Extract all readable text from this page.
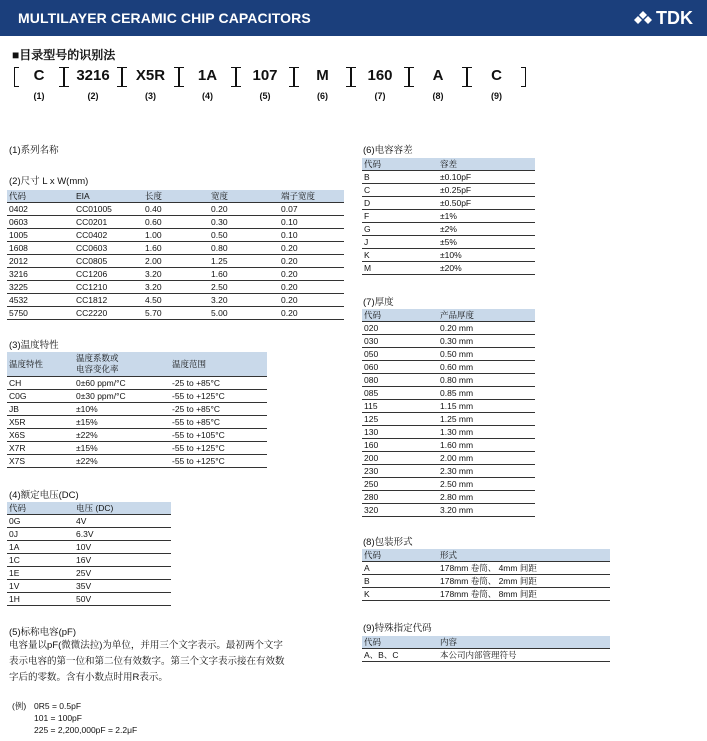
MULTILAYER CERAMIC CHIP CAPACITORS	TDK
■目录型号的识别法
C	3216	X5R	1A	107	M	160	A	C
(1)	(2)	(3)	(4)	(5)	(6)	(7)	(8)	(9)
(1)系列名称
(2)尺寸 L x W(mm)
代码	EIA	长度	宽度	端子宽度
0402	CC01005	0.40	0.20	0.07
0603	CC0201	0.60	0.30	0.10
1005	CC0402	1.00	0.50	0.10
1608	CC0603	1.60	0.80	0.20
2012	CC0805	2.00	1.25	0.20
3216	CC1206	3.20	1.60	0.20
3225	CC1210	3.20	2.50	0.20
4532	CC1812	4.50	3.20	0.20
5750	CC2220	5.70	5.00	0.20
(3)温度特性
温度特性	温度系数或
电容变化率	温度范围
CH	0±60 ppm/°C	-25 to +85°C
C0G	0±30 ppm/°C	-55 to +125°C
JB	±10%	-25 to +85°C
X5R	±15%	-55 to +85°C
X6S	±22%	-55 to +105°C
X7R	±15%	-55 to +125°C
X7S	±22%	-55 to +125°C
(4)额定电压(DC)
代码	电压 (DC)
0G	4V
0J	6.3V
1A	10V
1C	16V
1E	25V
1V	35V
1H	50V
(5)标称电容(pF)
电容量以pF(微微法拉)为单位，并用三个文字表示。最初两个文字
表示电容的第一位和第二位有效数字。第三个文字表示接在有效数
字后的零数。含有小数点时用R表示。
(例) 0R5 = 0.5pF
101 = 100pF
225 = 2,200,000pF = 2.2μF
(6)电容容差
代码	容差
B	±0.10pF
C	±0.25pF
D	±0.50pF
F	±1%
G	±2%
J	±5%
K	±10%
M	±20%
(7)厚度
代码	产品厚度
020	0.20 mm
030	0.30 mm
050	0.50 mm
060	0.60 mm
080	0.80 mm
085	0.85 mm
115	1.15 mm
125	1.25 mm
130	1.30 mm
160	1.60 mm
200	2.00 mm
230	2.30 mm
250	2.50 mm
280	2.80 mm
320	3.20 mm
(8)包装形式
代码	形式
A	178mm 卷筒、 4mm 间距
B	178mm 卷筒、 2mm 间距
K	178mm 卷筒、 8mm 间距
(9)特殊指定代码
代码	内容
A、B、C	本公司内部管理符号
